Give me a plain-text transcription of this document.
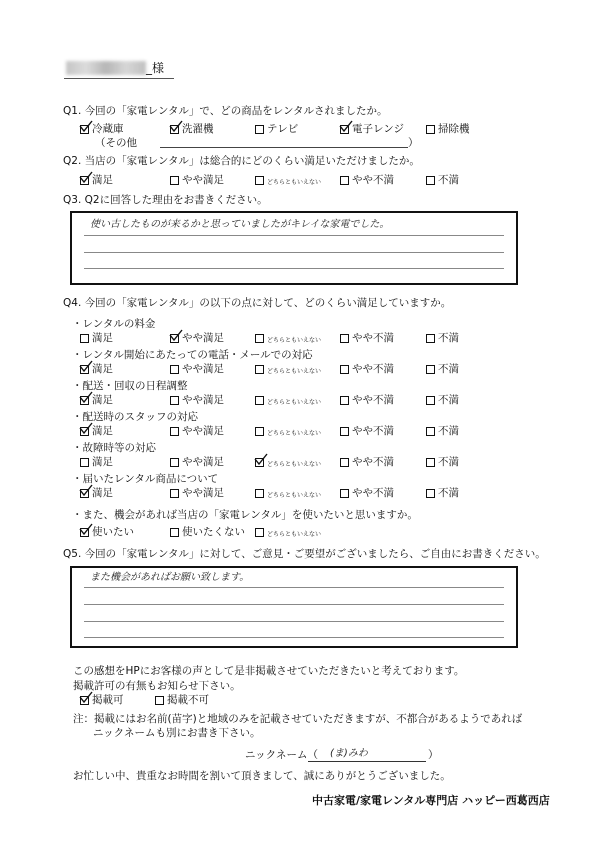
_様
Q1. 今回の「家電レンタル」で、どの商品をレンタルされましたか。
冷蔵庫	洗濯機	テレビ	電子レンジ	掃除機
（その他	）
Q2. 当店の「家電レンタル」は総合的にどのくらい満足いただけましたか。
満足	やや満足	どちらともいえない	やや不満	不満
Q3. Q2に回答した理由をお書きください。
使い古したものが来るかと思っていましたがキレイな家電でした。
Q4. 今回の「家電レンタル」の以下の点に対して、どのくらい満足していますか。
・レンタルの料金
満足	やや満足	どちらともいえない	やや不満	不満
・レンタル開始にあたっての電話・メールでの対応
満足	やや満足	どちらともいえない	やや不満	不満
・配送・回収の日程調整
満足	やや満足	どちらともいえない	やや不満	不満
・配送時のスタッフの対応
満足	やや満足	どちらともいえない	やや不満	不満
・故障時等の対応
満足	やや満足	どちらともいえない	やや不満	不満
・届いたレンタル商品について
満足	やや満足	どちらともいえない	やや不満	不満
・また、機会があれば当店の「家電レンタル」を使いたいと思いますか。
使いたい	使いたくない	どちらともいえない
Q5. 今回の「家電レンタル」に対して、ご意見・ご要望がございましたら、ご自由にお書きください。
また機会があればお願い致します。
この感想をHPにお客様の声として是非掲載させていただきたいと考えております。
掲載許可の有無もお知らせ下さい。
掲載可	掲載不可
注：掲載にはお名前(苗字)と地域のみを記載させていただきますが、不都合があるようであれば
ニックネームも別にお書き下さい。
ニックネーム（ (ま)みわ	）
お忙しい中、貴重なお時間を割いて頂きまして、誠にありがとうございました。
中古家電/家電レンタル専門店 ハッピー西葛西店
